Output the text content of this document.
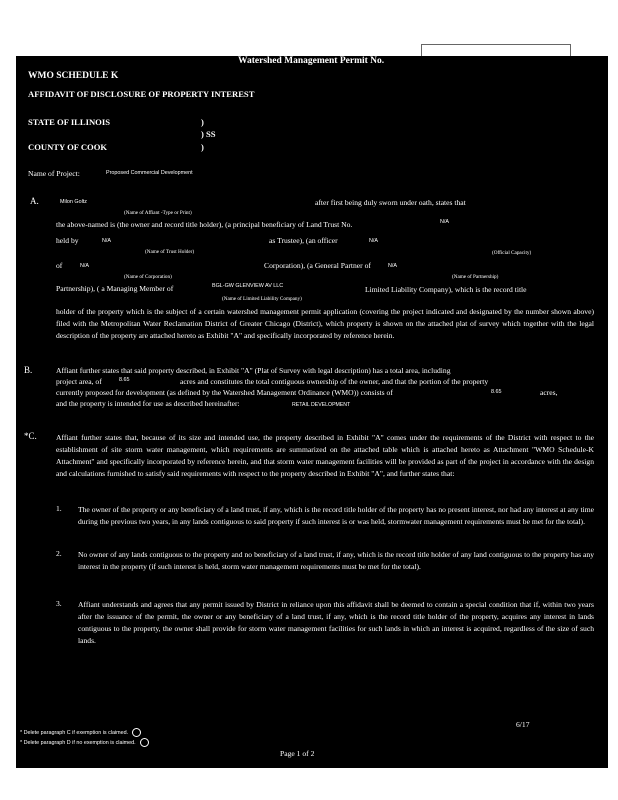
Watershed Management Permit No.
WMO SCHEDULE K
AFFIDAVIT OF DISCLOSURE OF PROPERTY INTEREST
STATE OF ILLINOIS	)
) SS
COUNTY OF COOK	)
Name of Project:	Proposed Commercial Development
A.	Milon Goltz	after first being duly sworn under oath, states that
(Name of Affiant -Type or Print)
the above-named is (the owner and record title holder), (a principal beneficiary of Land Trust No.	N/A
held by	N/A	as Trustee), (an officer	N/A
(Name of Trust Holder)	(Official Capacity)
of	N/A	Corporation), (a General Partner of	N/A
(Name of Corporation)	(Name of Partnership)
Partnership), ( a Managing Member of	BGL-GW GLENVIEW AV LLC	Limited Liability Company), which is the record title
(Name of Limited Liability Company)
holder of the property which is the subject of a certain watershed management permit application (covering the project indicated and designated by the number shown above) filed with the Metropolitan Water Reclamation District of Greater Chicago (District), which property is shown on the attached plat of survey which together with the legal description of the property are attached hereto as Exhibit "A" and specifically incorporated by reference herein.
B.	Affiant further states that said property described, in Exhibit "A" (Plat of Survey with legal description) has a total area, including
project area, of	8.65	acres and constitutes the total contiguous ownership of the owner, and that the portion of the property
currently proposed for development (as defined by the Watershed Management Ordinance (WMO)) consists of	8.65	acres,
and the property is intended for use as described hereinafter:	RETAIL DEVELOPMENT
*C.	Affiant further states that, because of its size and intended use, the property described in Exhibit "A" comes under the requirements of the District with respect to the establishment of site storm water management, which requirements are summarized on the attached table which is attached hereto as Attachment "WMO Schedule-K Attachment" and specifically incorporated by reference herein, and that storm water management facilities will be provided as part of the project in accordance with the design and calculations furnished to satisfy said requirements with respect to the property described in Exhibit "A", and further states that:
1. The owner of the property or any beneficiary of a land trust, if any, which is the record title holder of the property has no present interest, nor had any interest at any time during the previous two years, in any lands contiguous to said property if such interest is or was held, stormwater management requirements must be met for the total).
2. No owner of any lands contiguous to the property and no beneficiary of a land trust, if any, which is the record title holder of any land contiguous to the property has any interest in the property (if such interest is held, storm water management requirements must be met for the total).
3. Affiant understands and agrees that any permit issued by District in reliance upon this affidavit shall be deemed to contain a special condition that if, within two years after the issuance of the permit, the owner or any beneficiary of a land trust, if any, which is the record title holder of the property, acquires any interest in lands contiguous to the property, the owner shall provide for storm water management facilities for such lands in which an interest is acquired, regardless of the size of such lands.
6/17
* Delete paragraph C if exemption is claimed.
* Delete paragraph D if no exemption is claimed.
Page 1 of 2
